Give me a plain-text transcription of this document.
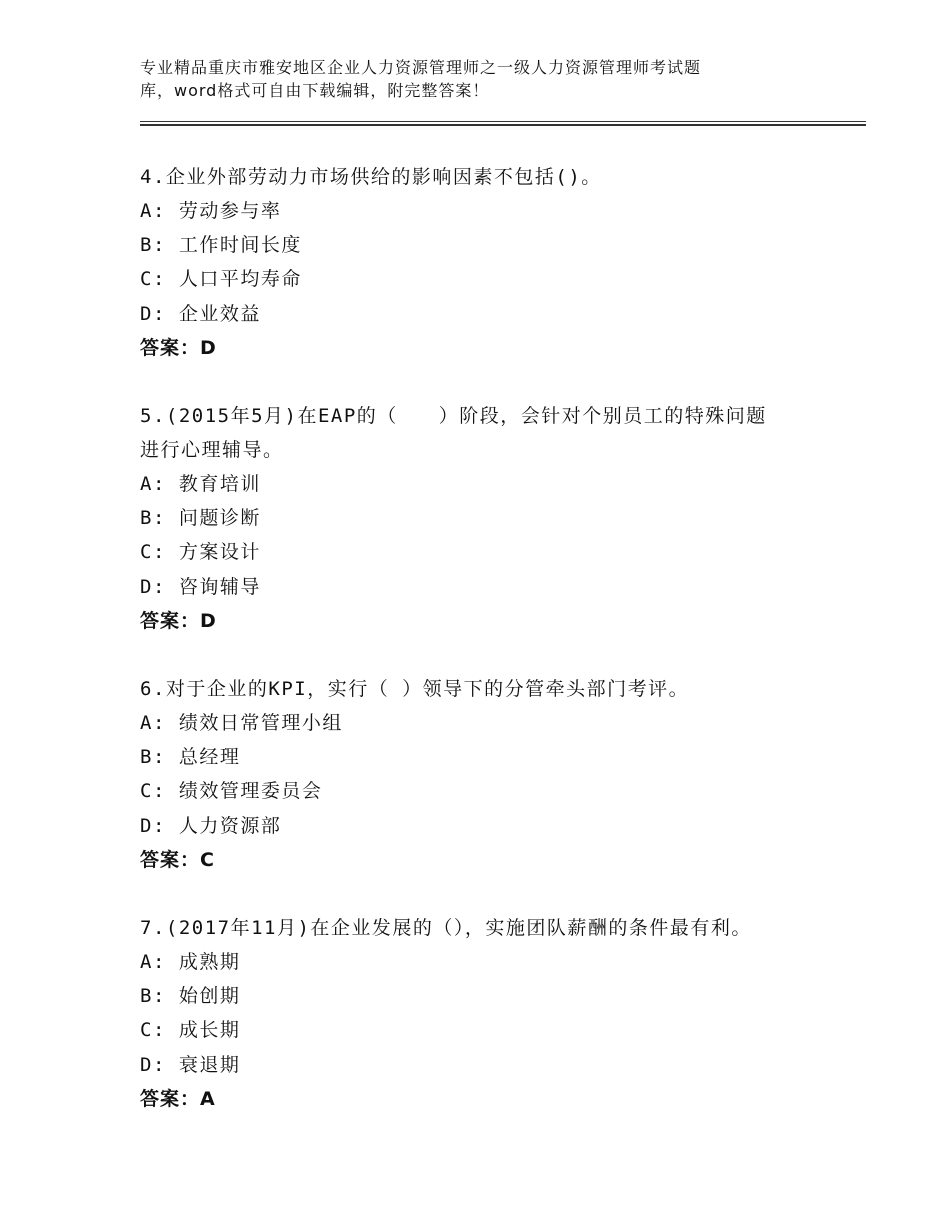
专业精品重庆市雅安地区企业人力资源管理师之一级人力资源管理师考试题
库，word格式可自由下载编辑，附完整答案！
4.企业外部劳动力市场供给的影响因素不包括()。
A: 劳动参与率
B: 工作时间长度
C: 人口平均寿命
D: 企业效益
答案：D
5.(2015年5月)在EAP的（　　）阶段，会针对个别员工的特殊问题
进行心理辅导。
A: 教育培训
B: 问题诊断
C: 方案设计
D: 咨询辅导
答案：D
6.对于企业的KPI，实行（ ）领导下的分管牵头部门考评。
A: 绩效日常管理小组
B: 总经理
C: 绩效管理委员会
D: 人力资源部
答案：C
7.(2017年11月)在企业发展的（），实施团队薪酬的条件最有利。
A: 成熟期
B: 始创期
C: 成长期
D: 衰退期
答案：A
